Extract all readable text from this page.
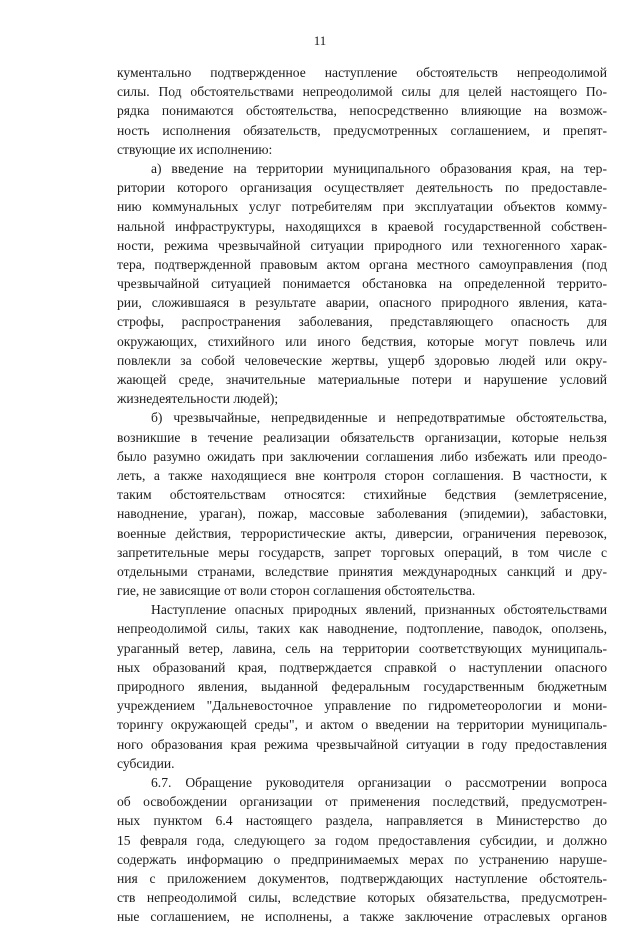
11
кументально подтвержденное наступление обстоятельств непреодолимой
силы. Под обстоятельствами непреодолимой силы для целей настоящего По-
рядка понимаются обстоятельства, непосредственно влияющие на возмож-
ность исполнения обязательств, предусмотренных соглашением, и препят-
ствующие их исполнению:
а) введение на территории муниципального образования края, на тер-
ритории которого организация осуществляет деятельность по предоставле-
нию коммунальных услуг потребителям при эксплуатации объектов комму-
нальной инфраструктуры, находящихся в краевой государственной собствен-
ности, режима чрезвычайной ситуации природного или техногенного харак-
тера, подтвержденной правовым актом органа местного самоуправления (под
чрезвычайной ситуацией понимается обстановка на определенной террито-
рии, сложившаяся в результате аварии, опасного природного явления, ката-
строфы, распространения заболевания, представляющего опасность для
окружающих, стихийного или иного бедствия, которые могут повлечь или
повлекли за собой человеческие жертвы, ущерб здоровью людей или окру-
жающей среде, значительные материальные потери и нарушение условий
жизнедеятельности людей);
б) чрезвычайные, непредвиденные и непредотвратимые обстоятельства,
возникшие в течение реализации обязательств организации, которые нельзя
было разумно ожидать при заключении соглашения либо избежать или преодо-
леть, а также находящиеся вне контроля сторон соглашения. В частности, к
таким обстоятельствам относятся: стихийные бедствия (землетрясение,
наводнение, ураган), пожар, массовые заболевания (эпидемии), забастовки,
военные действия, террористические акты, диверсии, ограничения перевозок,
запретительные меры государств, запрет торговых операций, в том числе с
отдельными странами, вследствие принятия международных санкций и дру-
гие, не зависящие от воли сторон соглашения обстоятельства.
Наступление опасных природных явлений, признанных обстоятельствами
непреодолимой силы, таких как наводнение, подтопление, паводок, оползень,
ураганный ветер, лавина, сель на территории соответствующих муниципаль-
ных образований края, подтверждается справкой о наступлении опасного
природного явления, выданной федеральным государственным бюджетным
учреждением "Дальневосточное управление по гидрометеорологии и мони-
торингу окружающей среды", и актом о введении на территории муниципаль-
ного образования края режима чрезвычайной ситуации в году предоставления
субсидии.
6.7. Обращение руководителя организации о рассмотрении вопроса
об освобождении организации от применения последствий, предусмотрен-
ных пунктом 6.4 настоящего раздела, направляется в Министерство до
15 февраля года, следующего за годом предоставления субсидии, и должно
содержать информацию о предпринимаемых мерах по устранению наруше-
ния с приложением документов, подтверждающих наступление обстоятель-
ств непреодолимой силы, вследствие которых обязательства, предусмотрен-
ные соглашением, не исполнены, а также заключение отраслевых органов
